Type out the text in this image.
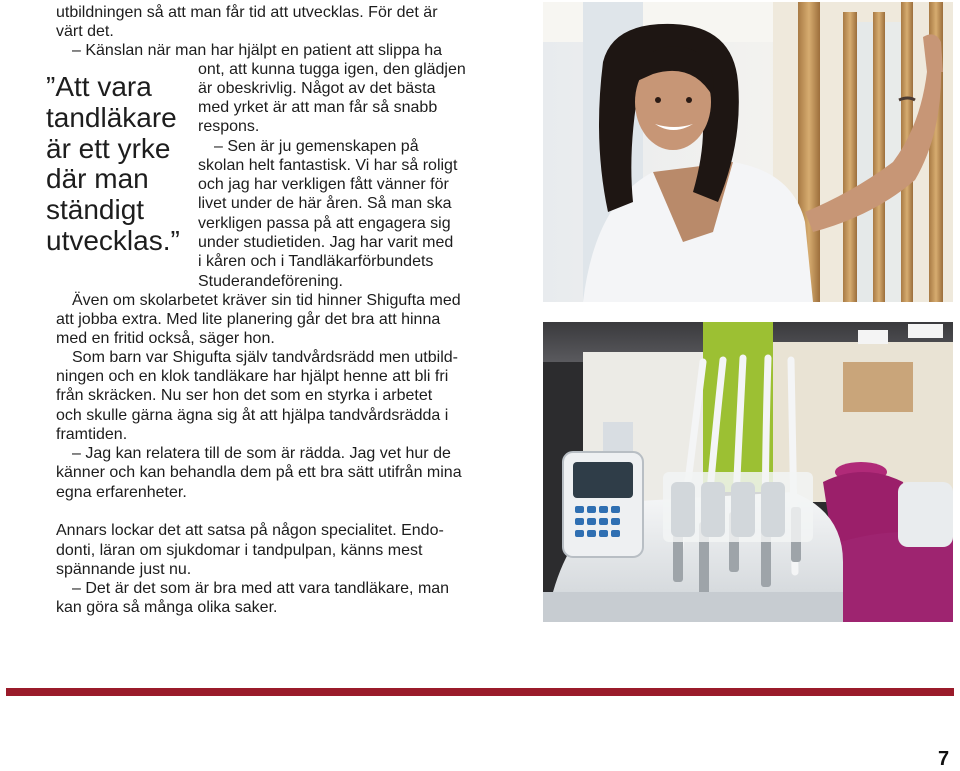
”Att vara
tandläkare
är ett yrke
där man
ständigt
utvecklas.”
utbildningen så att man får tid att utvecklas. För det är
värt det.
– Känslan när man har hjälpt en patient att slippa ha
ont, att kunna tugga igen, den glädjen
är obeskrivlig. Något av det bästa
med yrket är att man får så snabb
respons.
– Sen är ju gemenskapen på
skolan helt fantastisk. Vi har så roligt
och jag har verkligen fått vänner för
livet under de här åren. Så man ska
verkligen passa på att engagera sig
under studietiden. Jag har varit med
i kåren och i Tandläkarförbundets
Studerandeförening.
Även om skolarbetet kräver sin tid hinner Shigufta med
att jobba extra. Med lite planering går det bra att hinna
med en fritid också, säger hon.
Som barn var Shigufta själv tandvårdsrädd men utbild-
ningen och en klok tandläkare har hjälpt henne att bli fri
från skräcken. Nu ser hon det som en styrka i arbetet
och skulle gärna ägna sig åt att hjälpa tandvårdsrädda i
framtiden.
– Jag kan relatera till de som är rädda. Jag vet hur de
känner och kan behandla dem på ett bra sätt utifrån mina
egna erfarenheter.
Annars lockar det att satsa på någon specialitet. Endo-
donti, läran om sjukdomar i tandpulpan, känns mest
spännande just nu.
– Det är det som är bra med att vara tandläkare, man
kan göra så många olika saker.
7
